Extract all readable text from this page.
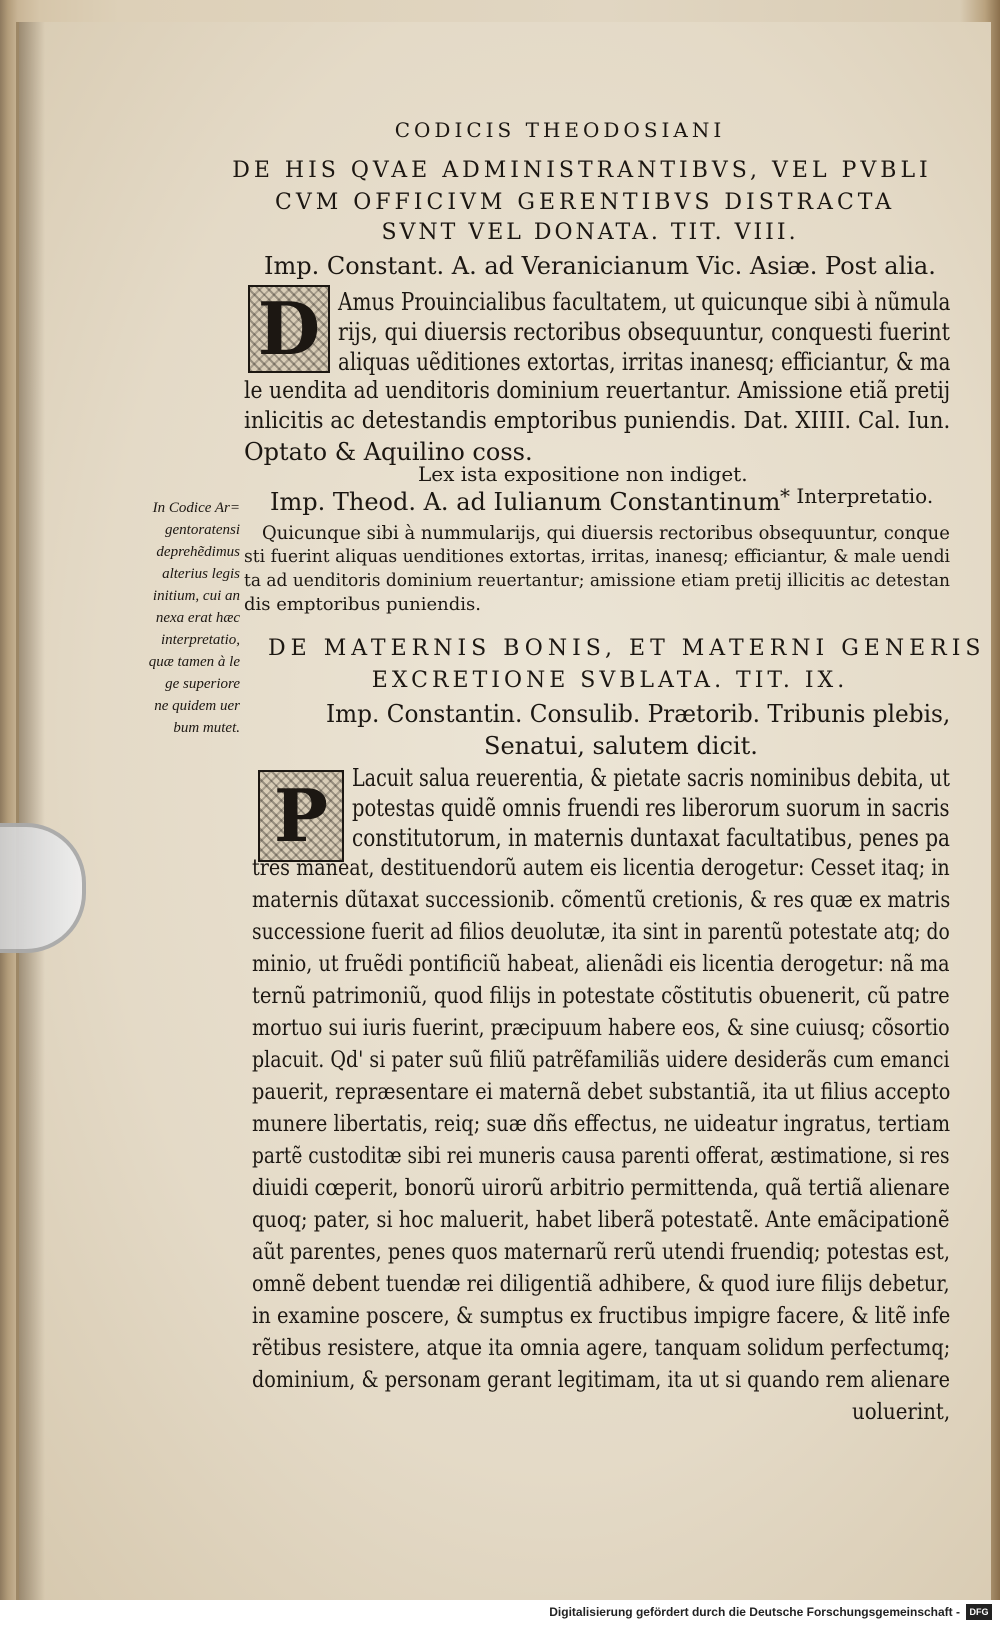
CODICIS THEODOSIANI
DE HIS QVAE ADMINISTRANTIBVS, VEL PVBLI
CVM OFFICIVM GERENTIBVS DISTRACTA
SVNT VEL DONATA. TIT. VIII.
Imp. Constant. A. ad Veranicianum Vic. Asiæ. Post alia.
D Amus Prouincialibus facultatem, ut quicunque sibi à nũmula
rijs, qui diuersis rectoribus obsequuntur, conquesti fuerint
aliquas uẽditiones extortas, irritas inanesq; efficiantur, & ma
le uendita ad uenditoris dominium reuertantur. Amissione etiã pretij
inlicitis ac detestandis emptoribus puniendis. Dat. XIIII. Cal. Iun.
Optato & Aquilino coss.
Lex ista expositione non indiget.
Imp. Theod. A. ad Iulianum Constantinum * Interpretatio.
Quicunque sibi à nummularijs, qui diuersis rectoribus obsequuntur, conque
sti fuerint aliquas uenditiones extortas, irritas, inanesq; efficiantur, & male uendi
ta ad uenditoris dominium reuertantur; amissione etiam pretij illicitis ac detestan
dis emptoribus puniendis.
In Codice Ar=
gentoratensi
deprehẽdimus
alterius legis
initium, cui an
nexa erat hæc
interpretatio,
quæ tamen à le
ge superiore
ne quidem uer
bum mutet.
DE MATERNIS BONIS, ET MATERNI GENERIS
EXCRETIONE SVBLATA. TIT. IX.
Imp. Constantin. Consulib. Prætorib. Tribunis plebis,
Senatui, salutem dicit.
P Lacuit salua reuerentia, & pietate sacris nominibus debita, ut
potestas quidẽ omnis fruendi res liberorum suorum in sacris
constitutorum, in maternis duntaxat facultatibus, penes pa
tres maneat, destituendorũ autem eis licentia derogetur: Cesset itaq; in
maternis dũtaxat successionib. cõmentũ cretionis, & res quæ ex matris
successione fuerit ad filios deuolutæ, ita sint in parentũ potestate atq; do
minio, ut fruẽdi pontificiũ habeat, alienãdi eis licentia derogetur: nã ma
ternũ patrimoniũ, quod filijs in potestate cõstitutis obuenerit, cũ patre
mortuo sui iuris fuerint, præcipuum habere eos, & sine cuiusq; cõsortio
placuit. Qd' si pater suũ filiũ patrẽfamiliãs uidere desiderãs cum emanci
pauerit, repræsentare ei maternã debet substantiã, ita ut filius accepto
munere libertatis, reiq; suæ dñs effectus, ne uideatur ingratus, tertiam
partẽ custoditæ sibi rei muneris causa parenti offerat, æstimatione, si res
diuidi cœperit, bonorũ uirorũ arbitrio permittenda, quã tertiã alienare
quoq; pater, si hoc maluerit, habet liberã potestatẽ. Ante emãcipationẽ
aũt parentes, penes quos maternarũ rerũ utendi fruendiq; potestas est,
omnẽ debent tuendæ rei diligentiã adhibere, & quod iure filijs debetur,
in examine poscere, & sumptus ex fructibus impigre facere, & litẽ infe
rẽtibus resistere, atque ita omnia agere, tanquam solidum perfectumq;
dominium, & personam gerant legitimam, ita ut si quando rem alienare
uoluerint,
Digitalisierung gefördert durch die Deutsche Forschungsgemeinschaft -	DFG
